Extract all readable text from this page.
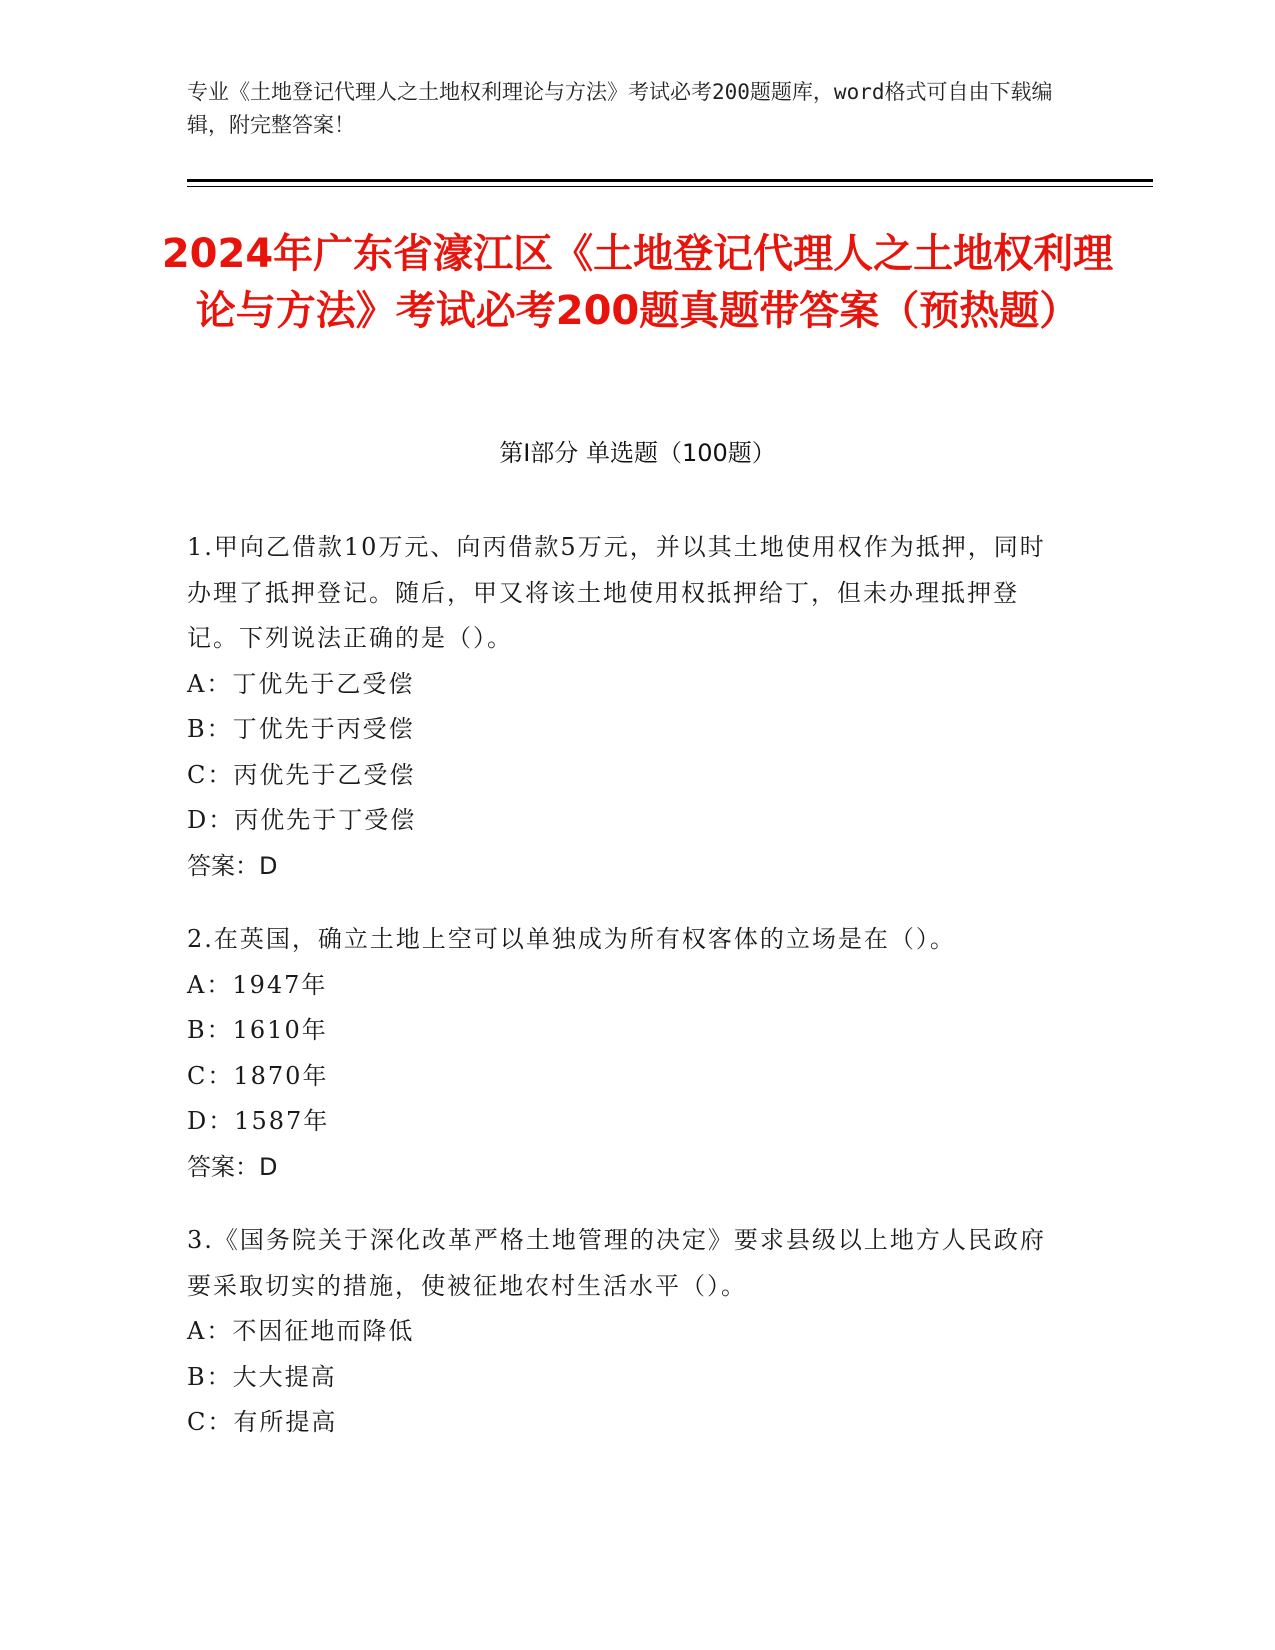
专业《土地登记代理人之土地权利理论与方法》考试必考200题题库，word格式可自由下载编辑，附完整答案！
2024年广东省濠江区《土地登记代理人之土地权利理论与方法》考试必考200题真题带答案（预热题）
第I部分 单选题（100题）
1.甲向乙借款10万元、向丙借款5万元，并以其土地使用权作为抵押，同时办理了抵押登记。随后，甲又将该土地使用权抵押给丁，但未办理抵押登记。下列说法正确的是（）。
A：丁优先于乙受偿
B：丁优先于丙受偿
C：丙优先于乙受偿
D：丙优先于丁受偿
答案：D
2.在英国，确立土地上空可以单独成为所有权客体的立场是在（）。
A：1947年
B：1610年
C：1870年
D：1587年
答案：D
3.《国务院关于深化改革严格土地管理的决定》要求县级以上地方人民政府要采取切实的措施，使被征地农村生活水平（）。
A：不因征地而降低
B：大大提高
C：有所提高
